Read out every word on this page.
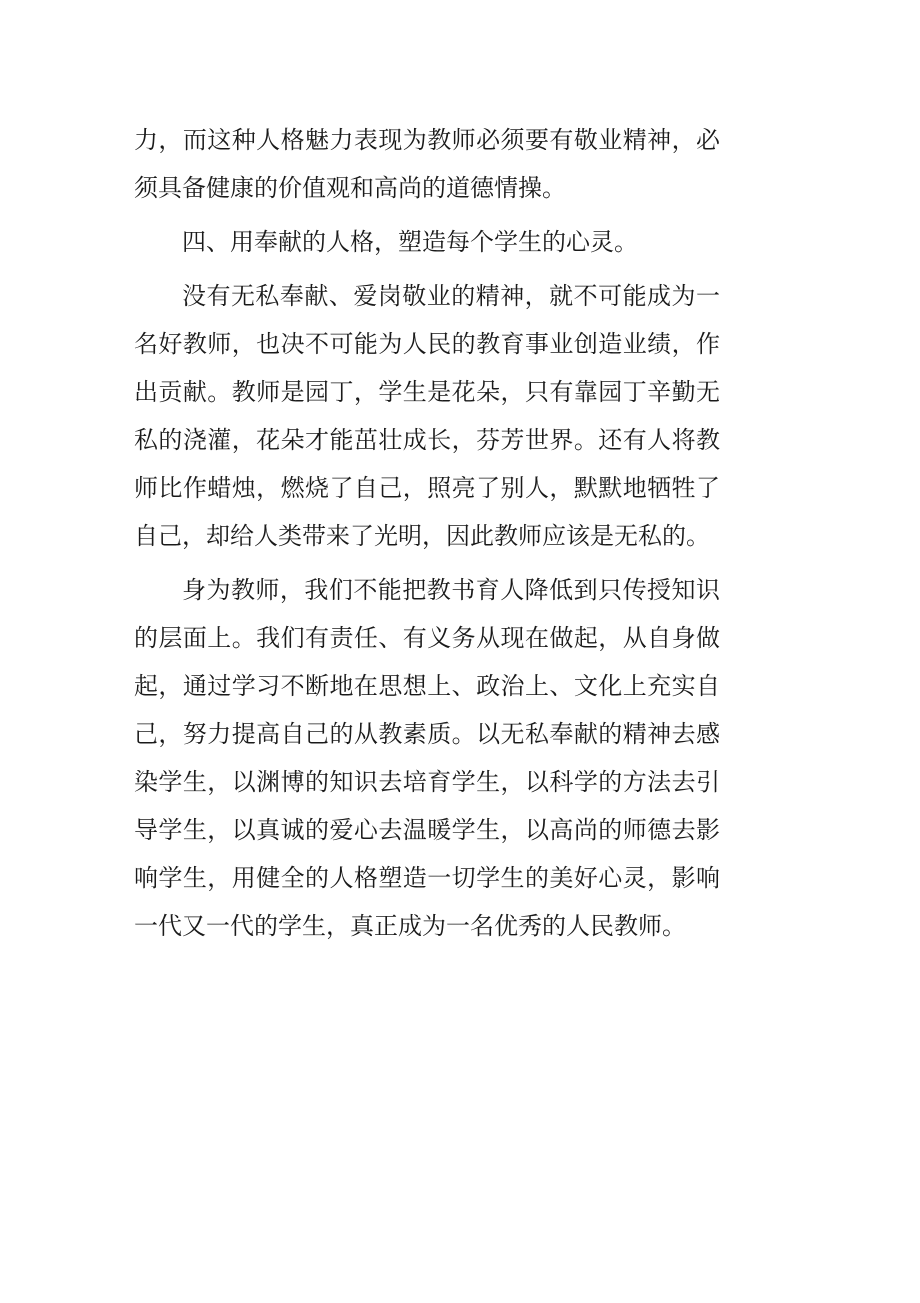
力，而这种人格魅力表现为教师必须要有敬业精神，必须具备健康的价值观和高尚的道德情操。

四、用奉献的人格，塑造每个学生的心灵。

没有无私奉献、爱岗敬业的精神，就不可能成为一名好教师，也决不可能为人民的教育事业创造业绩，作出贡献。教师是园丁，学生是花朵，只有靠园丁辛勤无私的浇灌，花朵才能茁壮成长，芬芳世界。还有人将教师比作蜡烛，燃烧了自己，照亮了别人，默默地牺牲了自己，却给人类带来了光明，因此教师应该是无私的。

身为教师，我们不能把教书育人降低到只传授知识的层面上。我们有责任、有义务从现在做起，从自身做起，通过学习不断地在思想上、政治上、文化上充实自己，努力提高自己的从教素质。以无私奉献的精神去感染学生，以渊博的知识去培育学生，以科学的方法去引导学生，以真诚的爱心去温暖学生，以高尚的师德去影响学生，用健全的人格塑造一切学生的美好心灵，影响一代又一代的学生，真正成为一名优秀的人民教师。
